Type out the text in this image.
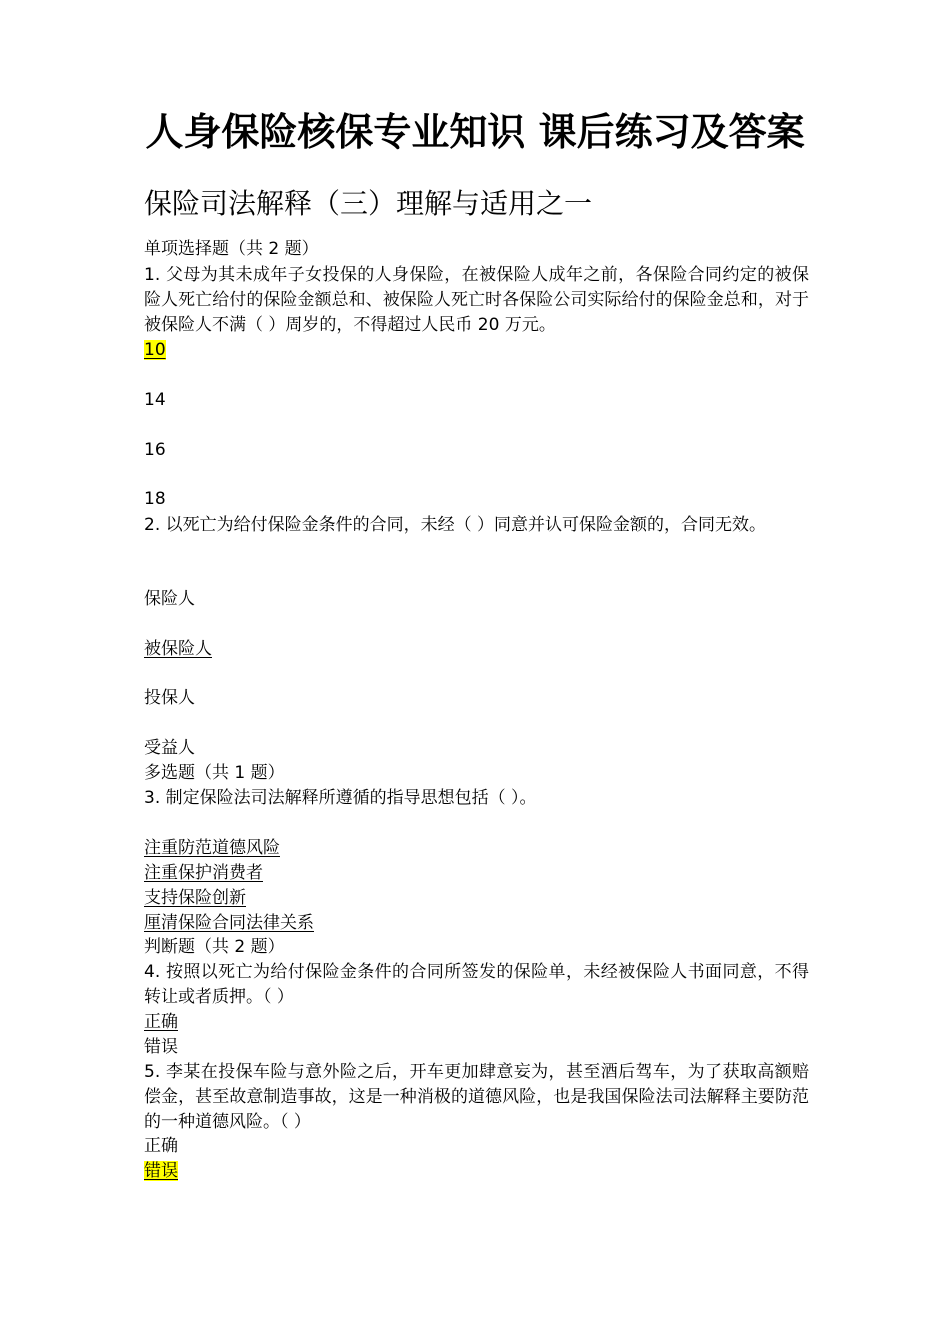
人身保险核保专业知识 课后练习及答案
保险司法解释（三）理解与适用之一
单项选择题（共 2 题）
1. 父母为其未成年子女投保的人身保险，在被保险人成年之前，各保险合同约定的被保险人死亡给付的保险金额总和、被保险人死亡时各保险公司实际给付的保险金总和，对于被保险人不满（ ）周岁的，不得超过人民币 20 万元。
10
14
16
18
2. 以死亡为给付保险金条件的合同，未经（ ）同意并认可保险金额的，合同无效。
保险人
被保险人
投保人
受益人
多选题（共 1 题）
3. 制定保险法司法解释所遵循的指导思想包括（ ）。
注重防范道德风险
注重保护消费者
支持保险创新
厘清保险合同法律关系
判断题（共 2 题）
4. 按照以死亡为给付保险金条件的合同所签发的保险单，未经被保险人书面同意，不得转让或者质押。（ ）
正确
错误
5. 李某在投保车险与意外险之后，开车更加肆意妄为，甚至酒后驾车，为了获取高额赔偿金，甚至故意制造事故，这是一种消极的道德风险，也是我国保险法司法解释主要防范的一种道德风险。（ ）
正确
错误
